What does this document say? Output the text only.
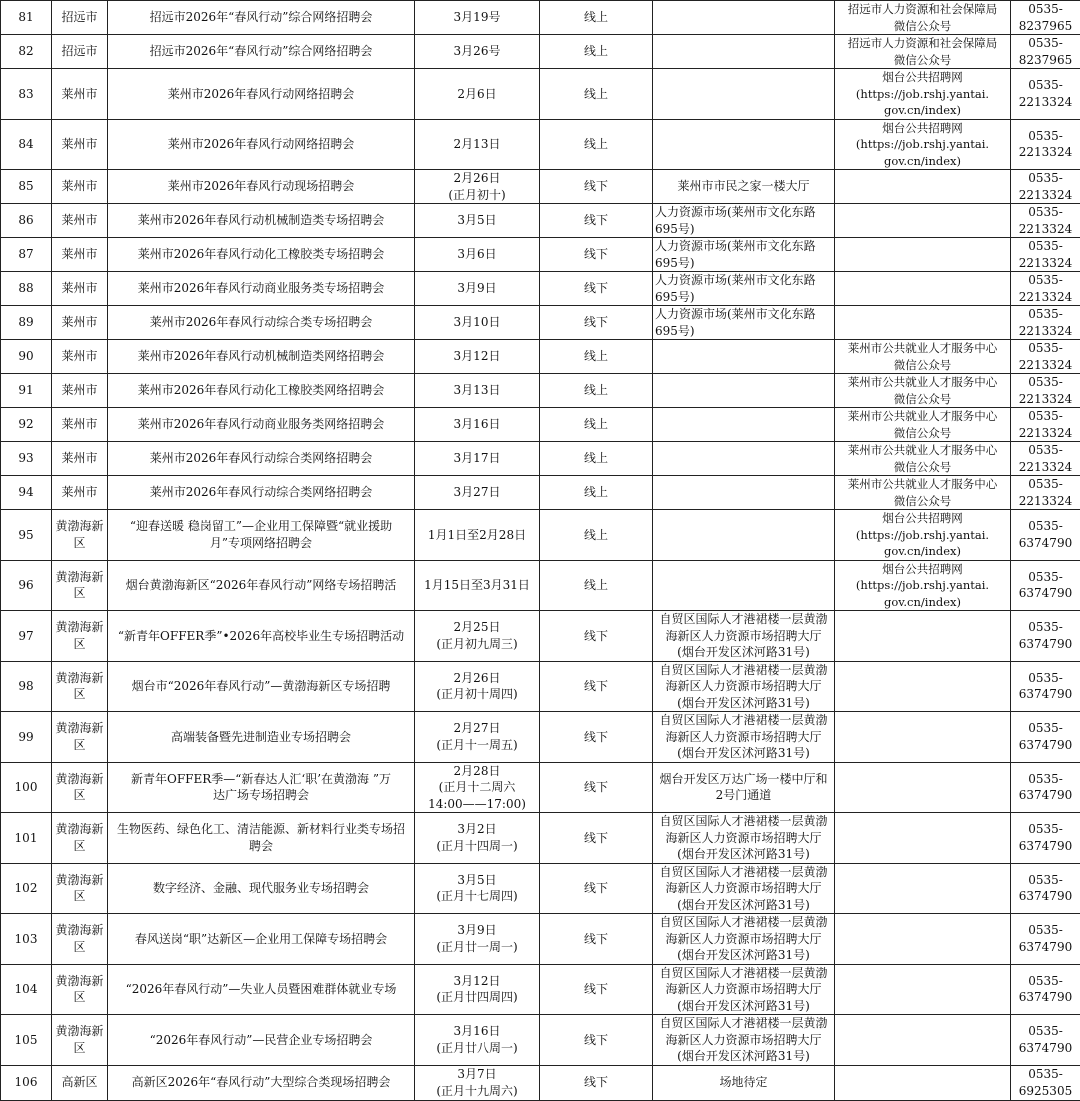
81	招远市	招远市2026年“春风行动”综合网络招聘会	3月19号	线上		招远市人力资源和社会保障局
微信公众号	0535-
8237965
82	招远市	招远市2026年“春风行动”综合网络招聘会	3月26号	线上		招远市人力资源和社会保障局
微信公众号	0535-
8237965
83	莱州市	莱州市2026年春风行动网络招聘会	2月6日	线上		烟台公共招聘网
(https://job.rshj.yantai.
gov.cn/index)	0535-
2213324
84	莱州市	莱州市2026年春风行动网络招聘会	2月13日	线上		烟台公共招聘网
(https://job.rshj.yantai.
gov.cn/index)	0535-
2213324
85	莱州市	莱州市2026年春风行动现场招聘会	2月26日
(正月初十)	线下	莱州市市民之家一楼大厅		0535-
2213324
86	莱州市	莱州市2026年春风行动机械制造类专场招聘会	3月5日	线下	人力资源市场(莱州市文化东路695号)		0535-
2213324
87	莱州市	莱州市2026年春风行动化工橡胶类专场招聘会	3月6日	线下	人力资源市场(莱州市文化东路695号)		0535-
2213324
88	莱州市	莱州市2026年春风行动商业服务类专场招聘会	3月9日	线下	人力资源市场(莱州市文化东路695号)		0535-
2213324
89	莱州市	莱州市2026年春风行动综合类专场招聘会	3月10日	线下	人力资源市场(莱州市文化东路695号)		0535-
2213324
90	莱州市	莱州市2026年春风行动机械制造类网络招聘会	3月12日	线上		莱州市公共就业人才服务中心
微信公众号	0535-
2213324
91	莱州市	莱州市2026年春风行动化工橡胶类网络招聘会	3月13日	线上		莱州市公共就业人才服务中心
微信公众号	0535-
2213324
92	莱州市	莱州市2026年春风行动商业服务类网络招聘会	3月16日	线上		莱州市公共就业人才服务中心
微信公众号	0535-
2213324
93	莱州市	莱州市2026年春风行动综合类网络招聘会	3月17日	线上		莱州市公共就业人才服务中心
微信公众号	0535-
2213324
94	莱州市	莱州市2026年春风行动综合类网络招聘会	3月27日	线上		莱州市公共就业人才服务中心
微信公众号	0535-
2213324
95	黄渤海新
区	“迎春送暖 稳岗留工”—企业用工保障暨“就业援助
月”专项网络招聘会	1月1日至2月28日	线上		烟台公共招聘网
(https://job.rshj.yantai.
gov.cn/index)	0535-
6374790
96	黄渤海新
区	烟台黄渤海新区“2026年春风行动”网络专场招聘活	1月15日至3月31日	线上		烟台公共招聘网
(https://job.rshj.yantai.
gov.cn/index)	0535-
6374790
97	黄渤海新
区	“新青年OFFER季”•2026年高校毕业生专场招聘活动	2月25日
(正月初九周三)	线下	自贸区国际人才港裙楼一层黄渤
海新区人力资源市场招聘大厅
(烟台开发区沭河路31号)		0535-
6374790
98	黄渤海新
区	烟台市“2026年春风行动”—黄渤海新区专场招聘	2月26日
(正月初十周四)	线下	自贸区国际人才港裙楼一层黄渤
海新区人力资源市场招聘大厅
(烟台开发区沭河路31号)		0535-
6374790
99	黄渤海新
区	高端装备暨先进制造业专场招聘会	2月27日
(正月十一周五)	线下	自贸区国际人才港裙楼一层黄渤
海新区人力资源市场招聘大厅
(烟台开发区沭河路31号)		0535-
6374790
100	黄渤海新
区	新青年OFFER季—“新春达人汇‘职’在黄渤海 ”万
达广场专场招聘会	2月28日
(正月十二周六
14:00——17:00)	线下	烟台开发区万达广场一楼中厅和
2号门通道		0535-
6374790
101	黄渤海新
区	生物医药、绿色化工、清洁能源、新材料行业类专场招
聘会	3月2日
(正月十四周一)	线下	自贸区国际人才港裙楼一层黄渤
海新区人力资源市场招聘大厅
(烟台开发区沭河路31号)		0535-
6374790
102	黄渤海新
区	数字经济、金融、现代服务业专场招聘会	3月5日
(正月十七周四)	线下	自贸区国际人才港裙楼一层黄渤
海新区人力资源市场招聘大厅
(烟台开发区沭河路31号)		0535-
6374790
103	黄渤海新
区	春风送岗“职”达新区—企业用工保障专场招聘会	3月9日
(正月廿一周一)	线下	自贸区国际人才港裙楼一层黄渤
海新区人力资源市场招聘大厅
(烟台开发区沭河路31号)		0535-
6374790
104	黄渤海新
区	“2026年春风行动”—失业人员暨困难群体就业专场	3月12日
(正月廿四周四)	线下	自贸区国际人才港裙楼一层黄渤
海新区人力资源市场招聘大厅
(烟台开发区沭河路31号)		0535-
6374790
105	黄渤海新
区	“2026年春风行动”—民营企业专场招聘会	3月16日
(正月廿八周一)	线下	自贸区国际人才港裙楼一层黄渤
海新区人力资源市场招聘大厅
(烟台开发区沭河路31号)		0535-
6374790
106	高新区	高新区2026年“春风行动”大型综合类现场招聘会	3月7日
(正月十九周六)	线下	场地待定		0535-
6925305
